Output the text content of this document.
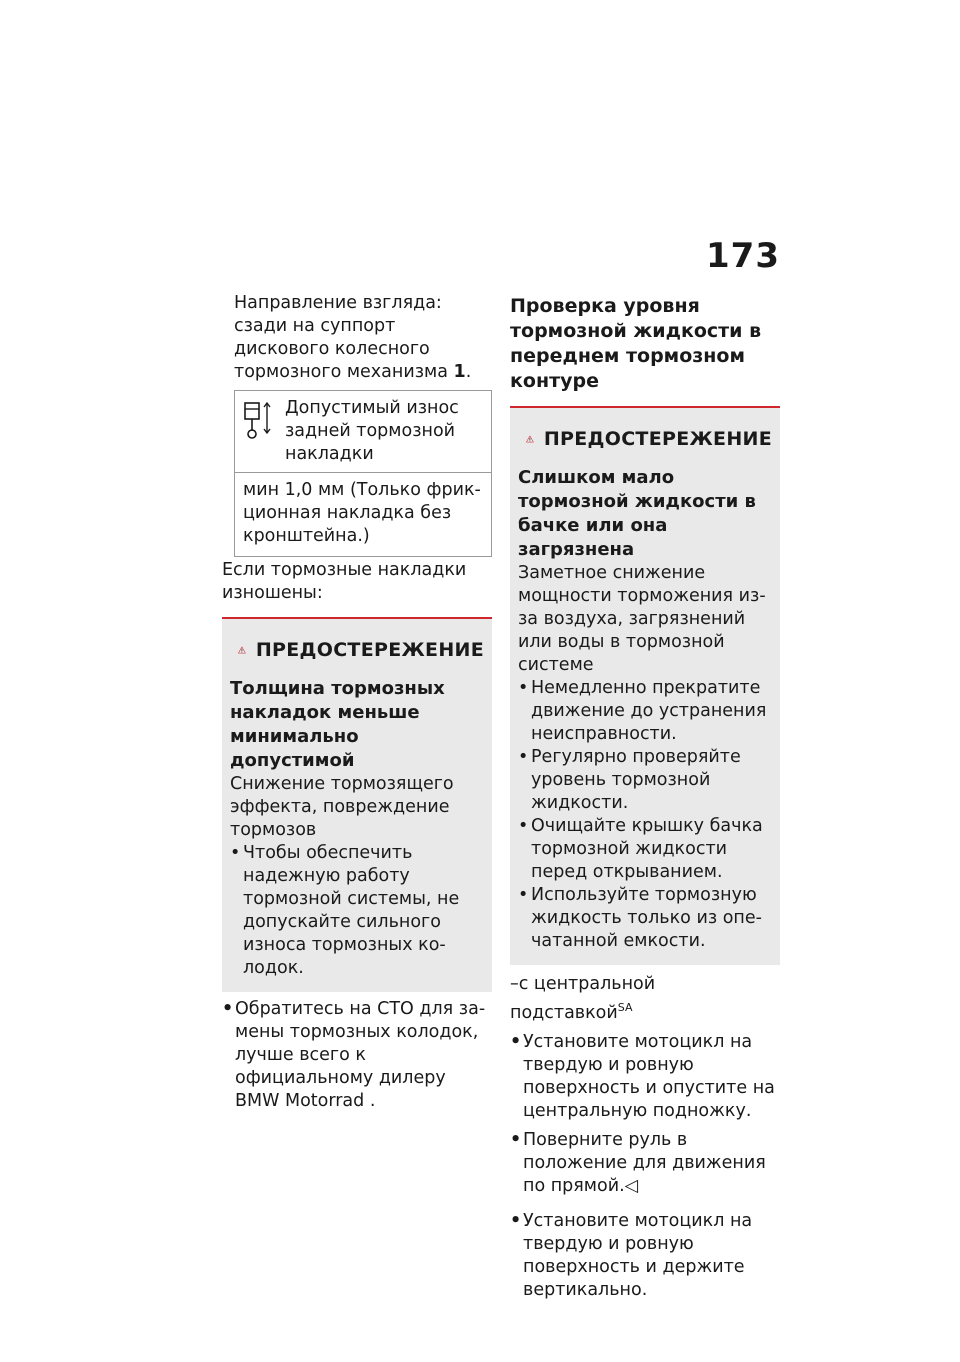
173
Направление взгляда: сзади на суппорт дискового колесного тормозного механизма 1.
Допустимый износ задней тормозной накладки
мин 1,0 мм (Только фрикционная накладка без кронштейна.)
Если тормозные накладки изношены:
ПРЕДОСТЕРЕЖЕНИЕ
Толщина тормозных накладок меньше минимально допустимой
Снижение тормозящего эффекта, повреждение тормозов
• Чтобы обеспечить надежную работу тормозной системы, не допускайте сильного износа тормозных колодок.
• Обратитесь на СТО для замены тормозных колодок, лучше всего к официальному дилеру BMW Motorrad .
Проверка уровня тормозной жидкости в переднем тормозном контуре
ПРЕДОСТЕРЕЖЕНИЕ
Слишком мало тормозной жидкости в бачке или она загрязнена
Заметное снижение мощности торможения из-за воздуха, загрязнений или воды в тормозной системе
• Немедленно прекратите движение до устранения неисправности.
• Регулярно проверяйте уровень тормозной жидкости.
• Очищайте крышку бачка тормозной жидкости перед открыванием.
• Используйте тормозную жидкость только из опечатанной емкости.
–с центральной подставкой$^{SA}$
• Установите мотоцикл на твердую и ровную поверхность и опустите на центральную подножку.
• Поверните руль в положение для движения по прямой.◁
• Установите мотоцикл на твердую и ровную поверхность и держите вертикально.
